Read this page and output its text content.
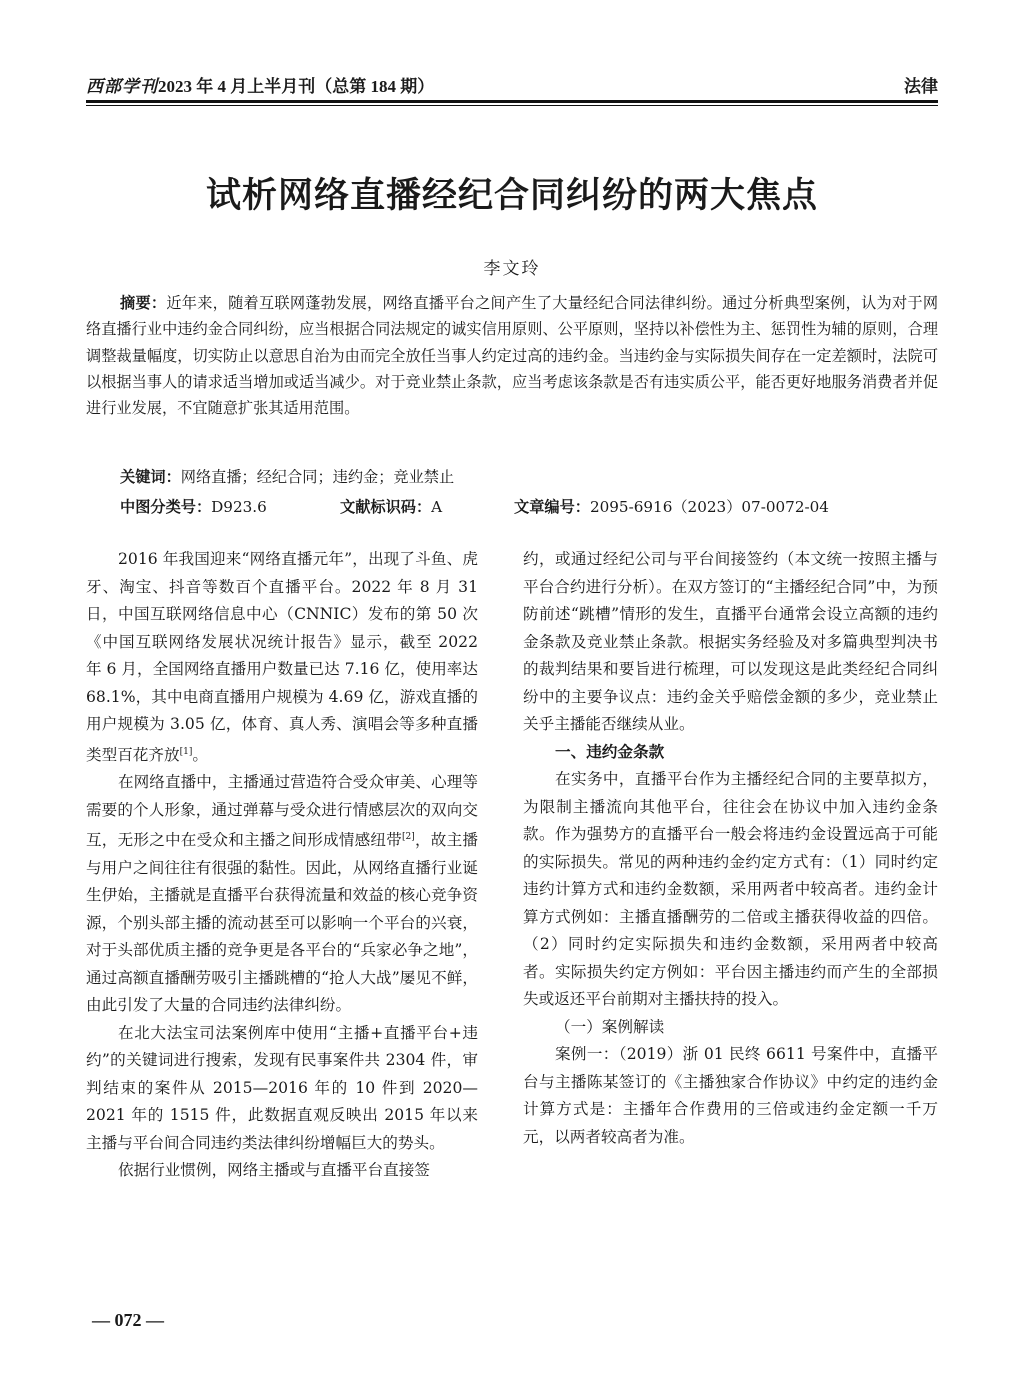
西部学刊2023 年 4 月上半月刊（总第 184 期）	法律
试析网络直播经纪合同纠纷的两大焦点
李文玲
摘要：近年来，随着互联网蓬勃发展，网络直播平台之间产生了大量经纪合同法律纠纷。通过分析典型案例，认为对于网络直播行业中违约金合同纠纷，应当根据合同法规定的诚实信用原则、公平原则，坚持以补偿性为主、惩罚性为辅的原则，合理调整裁量幅度，切实防止以意思自治为由而完全放任当事人约定过高的违约金。当违约金与实际损失间存在一定差额时，法院可以根据当事人的请求适当增加或适当减少。对于竞业禁止条款，应当考虑该条款是否有违实质公平，能否更好地服务消费者并促进行业发展，不宜随意扩张其适用范围。
关键词：网络直播；经纪合同；违约金；竞业禁止
中图分类号：D923.6	文献标识码：A	文章编号：2095-6916（2023）07-0072-04

2016 年我国迎来“网络直播元年”，出现了斗鱼、虎牙、淘宝、抖音等数百个直播平台。2022 年 8 月 31 日，中国互联网络信息中心（CNNIC）发布的第 50 次《中国互联网络发展状况统计报告》显示，截至 2022 年 6 月，全国网络直播用户数量已达 7.16 亿，使用率达 68.1%，其中电商直播用户规模为 4.69 亿，游戏直播的用户规模为 3.05 亿，体育、真人秀、演唱会等多种直播类型百花齐放[1]。

在网络直播中，主播通过营造符合受众审美、心理等需要的个人形象，通过弹幕与受众进行情感层次的双向交互，无形之中在受众和主播之间形成情感纽带[2]，故主播与用户之间往往有很强的黏性。因此，从网络直播行业诞生伊始，主播就是直播平台获得流量和效益的核心竞争资源，个别头部主播的流动甚至可以影响一个平台的兴衰，对于头部优质主播的竞争更是各平台的“兵家必争之地”，通过高额直播酬劳吸引主播跳槽的“抢人大战”屡见不鲜，由此引发了大量的合同违约法律纠纷。

在北大法宝司法案例库中使用“主播+直播平台+违约”的关键词进行搜索，发现有民事案件共 2304 件，审判结束的案件从 2015—2016 年的 10 件到 2020—2021 年的 1515 件，此数据直观反映出 2015 年以来主播与平台间合同违约类法律纠纷增幅巨大的势头。

依据行业惯例，网络主播或与直播平台直接签

约，或通过经纪公司与平台间接签约（本文统一按照主播与平台合约进行分析）。在双方签订的“主播经纪合同”中，为预防前述“跳槽”情形的发生，直播平台通常会设立高额的违约金条款及竞业禁止条款。根据实务经验及对多篇典型判决书的裁判结果和要旨进行梳理，可以发现这是此类经纪合同纠纷中的主要争议点：违约金关乎赔偿金额的多少，竞业禁止关乎主播能否继续从业。

一、违约金条款

在实务中，直播平台作为主播经纪合同的主要草拟方，为限制主播流向其他平台，往往会在协议中加入违约金条款。作为强势方的直播平台一般会将违约金设置远高于可能的实际损失。常见的两种违约金约定方式有：（1）同时约定违约计算方式和违约金数额，采用两者中较高者。违约金计算方式例如：主播直播酬劳的二倍或主播获得收益的四倍。（2）同时约定实际损失和违约金数额，采用两者中较高者。实际损失约定方例如：平台因主播违约而产生的全部损失或返还平台前期对主播扶持的投入。

（一）案例解读

案例一：（2019）浙 01 民终 6611 号案件中，直播平台与主播陈某签订的《主播独家合作协议》中约定的违约金计算方式是：主播年合作费用的三倍或违约金定额一千万元，以两者较高者为准。

— 072 —
